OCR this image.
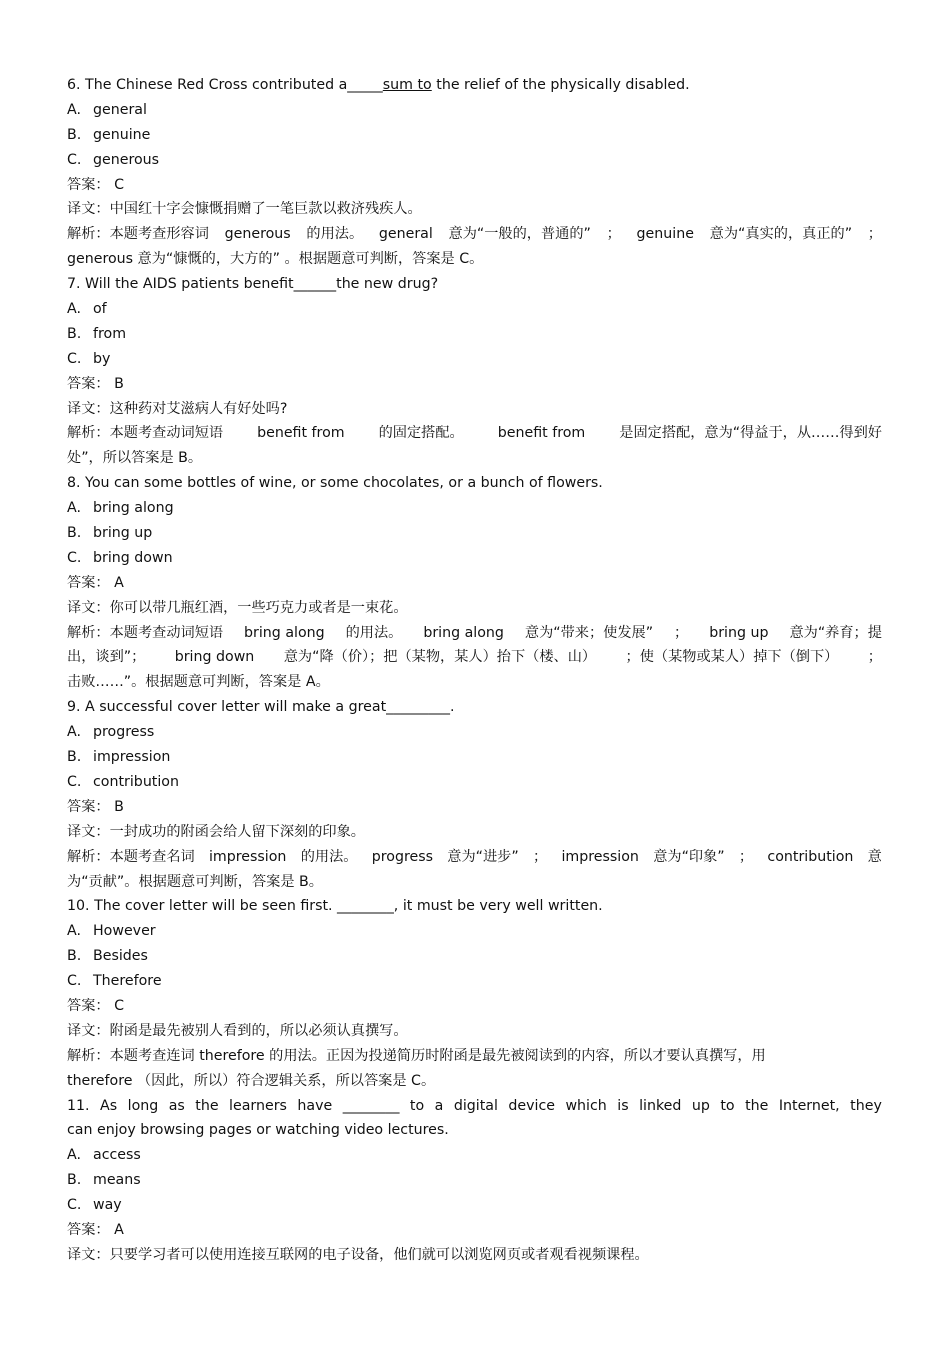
6. The Chinese Red Cross contributed a_____sum to the relief of the physically disabled.
A. general
B. genuine
C. generous
答案： C
译文：中国红十字会慷慨捐赠了一笔巨款以救济残疾人。
解析：本题考查形容词 generous 的用法。 general 意为“一般的，普通的” ； genuine 意为“真实的，真正的” ；
generous 意为“慷慨的，大方的” 。根据题意可判断，答案是 C。
7. Will the AIDS patients benefit______the new drug?
A. of
B. from
C. by
答案： B
译文：这种药对艾滋病人有好处吗?
解析：本题考查动词短语 benefit from 的固定搭配。 benefit from 是固定搭配，意为“得益于，从……得到好
处”，所以答案是 B。
8. You can some bottles of wine, or some chocolates, or a bunch of flowers.
A. bring along
B. bring up
C. bring down
答案： A
译文：你可以带几瓶红酒，一些巧克力或者是一束花。
解析：本题考查动词短语 bring along 的用法。 bring along 意为“带来；使发展” ； bring up 意为“养育；提
出，谈到”； bring down 意为“降（价）；把（某物，某人）抬下（楼、山） ；使（某物或某人）掉下（倒下） ；
击败……”。根据题意可判断，答案是 A。
9. A successful cover letter will make a great_________.
A. progress
B. impression
C. contribution
答案： B
译文：一封成功的附函会给人留下深刻的印象。
解析：本题考查名词 impression 的用法。 progress 意为“进步” ； impression 意为“印象” ； contribution 意
为“贡献”。根据题意可判断，答案是 B。
10. The cover letter will be seen first. ________, it must be very well written.
A. However
B. Besides
C. Therefore
答案： C
译文：附函是最先被别人看到的，所以必须认真撰写。
解析：本题考查连词 therefore 的用法。正因为投递简历时附函是最先被阅读到的内容，所以才要认真撰写，用
therefore （因此，所以）符合逻辑关系，所以答案是 C。
11. As long as the learners have ________ to a digital device which is linked up to the Internet, they
can enjoy browsing pages or watching video lectures.
A. access
B. means
C. way
答案： A
译文：只要学习者可以使用连接互联网的电子设备，他们就可以浏览网页或者观看视频课程。
